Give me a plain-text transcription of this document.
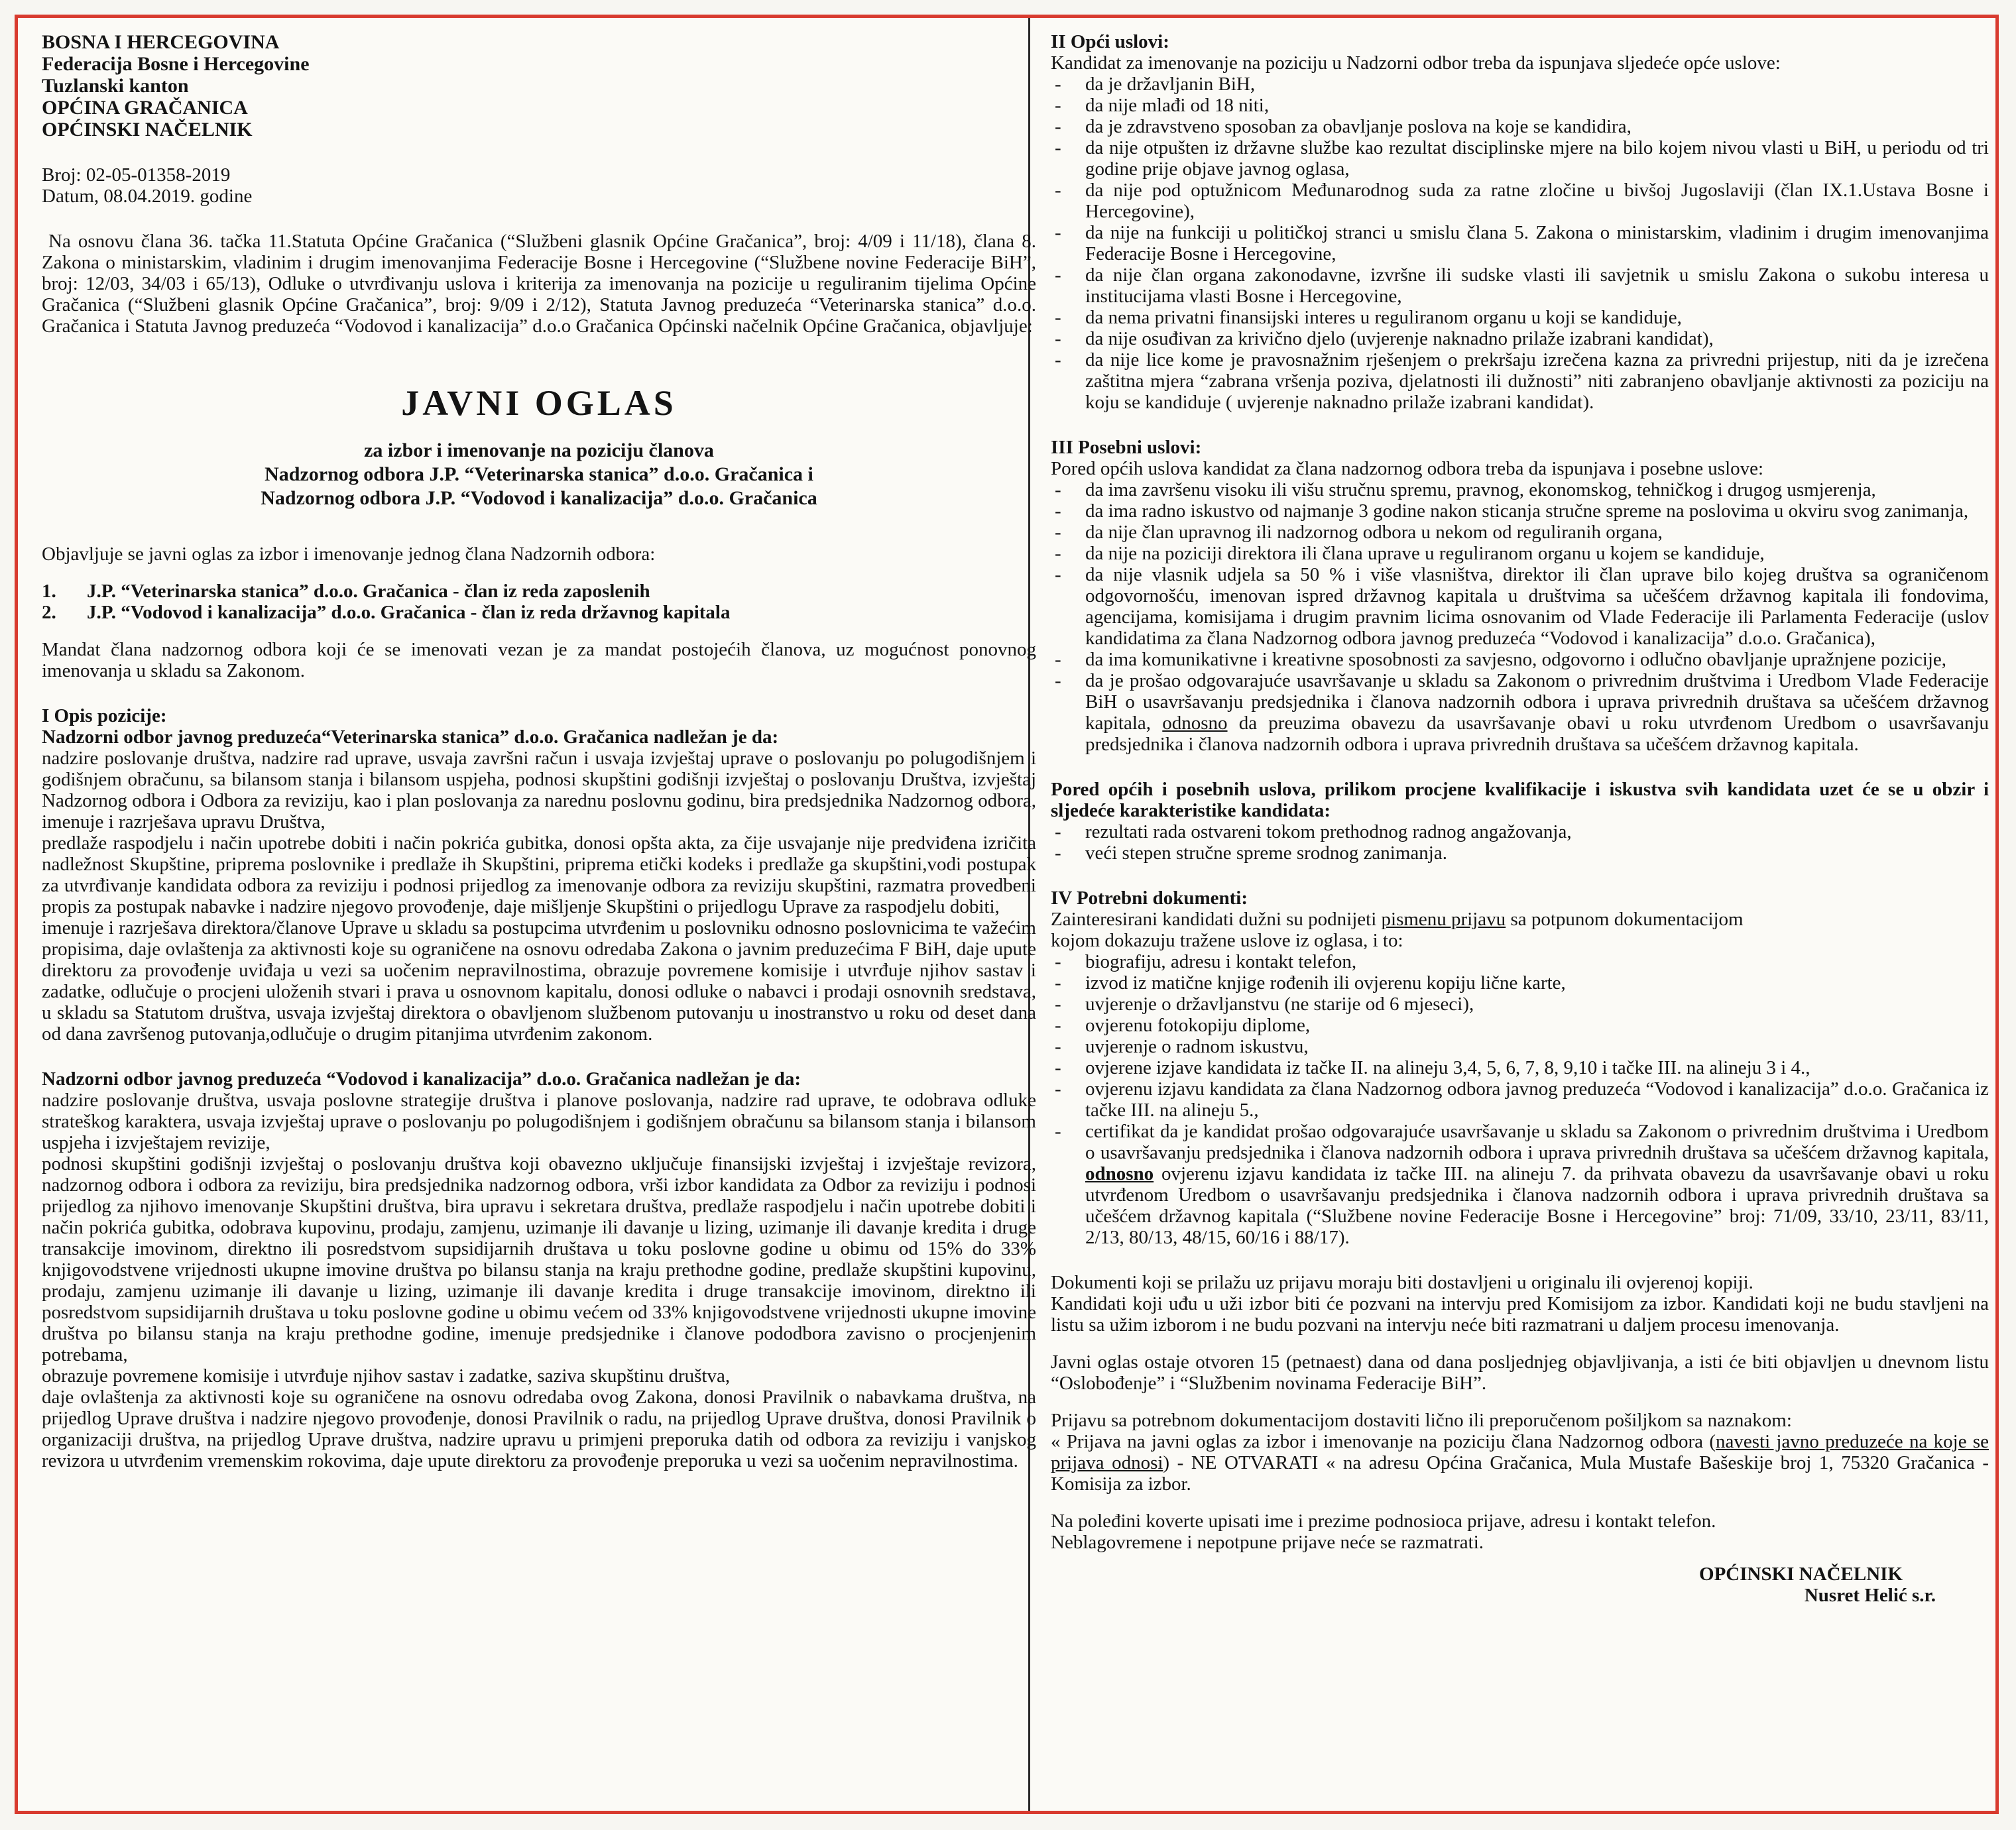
BOSNA I HERCEGOVINA
Federacija Bosne i Hercegovine
Tuzlanski kanton
OPĆINA GRAČANICA
OPĆINSKI NAČELNIK
Broj: 02-05-01358-2019
Datum, 08.04.2019. godine

Na osnovu člana 36. tačka 11.Statuta Općine Gračanica (“Službeni glasnik Općine Gračanica”, broj: 4/09 i 11/18), člana 8. Zakona o ministarskim, vladinim i drugim imenovanjima Federacije Bosne i Hercegovine (“Službene novine Federacije BiH”, broj: 12/03, 34/03 i 65/13), Odluke o utvrđivanju uslova i kriterija za imenovanja na pozicije u reguliranim tijelima Općine Gračanica (“Službeni glasnik Općine Gračanica”, broj: 9/09 i 2/12), Statuta Javnog preduzeća “Veterinarska stanica” d.o.o. Gračanica i Statuta Javnog preduzeća “Vodovod i kanalizacija” d.o.o Gračanica Općinski načelnik Općine Gračanica, objavljuje:

JAVNI OGLAS
za izbor i imenovanje na poziciju članova
Nadzornog odbora J.P. “Veterinarska stanica” d.o.o. Gračanica i
Nadzornog odbora J.P. “Vodovod i kanalizacija” d.o.o. Gračanica

Objavljuje se javni oglas za izbor i imenovanje jednog člana Nadzornih odbora:

1. J.P. “Veterinarska stanica” d.o.o. Gračanica - član iz reda zaposlenih
2. J.P. “Vodovod i kanalizacija” d.o.o. Gračanica - član iz reda državnog kapitala

Mandat člana nadzornog odbora koji će se imenovati vezan je za mandat postojećih članova, uz mogućnost ponovnog imenovanja u skladu sa Zakonom.

I Opis pozicije:
Nadzorni odbor javnog preduzeća“Veterinarska stanica” d.o.o. Gračanica nadležan je da:

nadzire poslovanje društva, nadzire rad uprave, usvaja završni račun i usvaja izvještaj uprave o poslovanju po polugodišnjem i godišnjem obračunu, sa bilansom stanja i bilansom uspjeha, podnosi skupštini godišnji izvještaj o poslovanju Društva, izvještaj Nadzornog odbora i Odbora za reviziju, kao i plan poslovanja za narednu poslovnu godinu, bira predsjednika Nadzornog odbora, imenuje i razrješava upravu Društva,

predlaže raspodjelu i način upotrebe dobiti i način pokrića gubitka, donosi opšta akta, za čije usvajanje nije predviđena izričita nadležnost Skupštine, priprema poslovnike i predlaže ih Skupštini, priprema etički kodeks i predlaže ga skupštini,vodi postupak za utvrđivanje kandidata odbora za reviziju i podnosi prijedlog za imenovanje odbora za reviziju skupštini, razmatra provedbeni propis za postupak nabavke i nadzire njegovo provođenje, daje mišljenje Skupštini o prijedlogu Uprave za raspodjelu dobiti,

imenuje i razrješava direktora/članove Uprave u skladu sa postupcima utvrđenim u poslovniku odnosno poslovnicima te važećim propisima, daje ovlaštenja za aktivnosti koje su ograničene na osnovu odredaba Zakona o javnim preduzećima F BiH, daje upute direktoru za provođenje uviđaja u vezi sa uočenim nepravilnostima, obrazuje povremene komisije i utvrđuje njihov sastav i zadatke, odlučuje o procjeni uloženih stvari i prava u osnovnom kapitalu, donosi odluke o nabavci i prodaji osnovnih sredstava, u skladu sa Statutom društva, usvaja izvještaj direktora o obavljenom službenom putovanju u inostranstvo u roku od deset dana od dana završenog putovanja,odlučuje o drugim pitanjima utvrđenim zakonom.

Nadzorni odbor javnog preduzeća “Vodovod i kanalizacija” d.o.o. Gračanica nadležan je da:

nadzire poslovanje društva, usvaja poslovne strategije društva i planove poslovanja, nadzire rad uprave, te odobrava odluke strateškog karaktera, usvaja izvještaj uprave o poslovanju po polugodišnjem i godišnjem obračunu sa bilansom stanja i bilansom uspjeha i izvještajem revizije,

podnosi skupštini godišnji izvještaj o poslovanju društva koji obavezno uključuje finansijski izvještaj i izvještaje revizora, nadzornog odbora i odbora za reviziju, bira predsjednika nadzornog odbora, vrši izbor kandidata za Odbor za reviziju i podnosi prijedlog za njihovo imenovanje Skupštini društva, bira upravu i sekretara društva, predlaže raspodjelu i način upotrebe dobiti i način pokrića gubitka, odobrava kupovinu, prodaju, zamjenu, uzimanje ili davanje u lizing, uzimanje ili davanje kredita i druge transakcije imovinom, direktno ili posredstvom supsidijarnih društava u toku poslovne godine u obimu od 15% do 33% knjigovodstvene vrijednosti ukupne imovine društva po bilansu stanja na kraju prethodne godine, predlaže skupštini kupovinu, prodaju, zamjenu uzimanje ili davanje u lizing, uzimanje ili davanje kredita i druge transakcije imovinom, direktno ili posredstvom supsidijarnih društava u toku poslovne godine u obimu većem od 33% knjigovodstvene vrijednosti ukupne imovine društva po bilansu stanja na kraju prethodne godine, imenuje predsjednike i članove pododbora zavisno o procjenjenim potrebama,

obrazuje povremene komisije i utvrđuje njihov sastav i zadatke, saziva skupštinu društva,

daje ovlaštenja za aktivnosti koje su ograničene na osnovu odredaba ovog Zakona, donosi Pravilnik o nabavkama društva, na prijedlog Uprave društva i nadzire njegovo provođenje, donosi Pravilnik o radu, na prijedlog Uprave društva, donosi Pravilnik o organizaciji društva, na prijedlog Uprave društva, nadzire upravu u primjeni preporuka datih od odbora za reviziju i vanjskog revizora u utvrđenim vremenskim rokovima, daje upute direktoru za provođenje preporuka u vezi sa uočenim nepravilnostima.

II Opći uslovi:
Kandidat za imenovanje na poziciju u Nadzorni odbor treba da ispunjava sljedeće opće uslove:
- da je državljanin BiH,
- da nije mlađi od 18 niti,
- da je zdravstveno sposoban za obavljanje poslova na koje se kandidira,
- da nije otpušten iz državne službe kao rezultat disciplinske mjere na bilo kojem nivou vlasti u BiH, u periodu od tri godine prije objave javnog oglasa,
- da nije pod optužnicom Međunarodnog suda za ratne zločine u bivšoj Jugoslaviji (član IX.1.Ustava Bosne i Hercegovine),
- da nije na funkciji u političkoj stranci u smislu člana 5. Zakona o ministarskim, vladinim i drugim imenovanjima Federacije Bosne i Hercegovine,
- da nije član organa zakonodavne, izvršne ili sudske vlasti ili savjetnik u smislu Zakona o sukobu interesa u institucijama vlasti Bosne i Hercegovine,
- da nema privatni finansijski interes u reguliranom organu u koji se kandiduje,
- da nije osuđivan za krivično djelo (uvjerenje naknadno prilaže izabrani kandidat),
- da nije lice kome je pravosnažnim rješenjem o prekršaju izrečena kazna za privredni prijestup, niti da je izrečena zaštitna mjera “zabrana vršenja poziva, djelatnosti ili dužnosti” niti zabranjeno obavljanje aktivnosti za poziciju na koju se kandiduje ( uvjerenje naknadno prilaže izabrani kandidat).
III Posebni uslovi:
Pored općih uslova kandidat za člana nadzornog odbora treba da ispunjava i posebne uslove:
- da ima završenu visoku ili višu stručnu spremu, pravnog, ekonomskog, tehničkog i drugog usmjerenja,
- da ima radno iskustvo od najmanje 3 godine nakon sticanja stručne spreme na poslovima u okviru svog zanimanja,
- da nije član upravnog ili nadzornog odbora u nekom od reguliranih organa,
- da nije na poziciji direktora ili člana uprave u reguliranom organu u kojem se kandiduje,
- da nije vlasnik udjela sa 50 % i više vlasništva, direktor ili član uprave bilo kojeg društva sa ograničenom odgovornošću, imenovan ispred državnog kapitala u društvima sa učešćem državnog kapitala ili fondovima, agencijama, komisijama i drugim pravnim licima osnovanim od Vlade Federacije ili Parlamenta Federacije (uslov kandidatima za člana Nadzornog odbora javnog preduzeća “Vodovod i kanalizacija” d.o.o. Gračanica),
- da ima komunikativne i kreativne sposobnosti za savjesno, odgovorno i odlučno obavljanje upražnjene pozicije,
- da je prošao odgovarajuće usavršavanje u skladu sa Zakonom o privrednim društvima i Uredbom Vlade Federacije BiH o usavršavanju predsjednika i članova nadzornih odbora i uprava privrednih društava sa učešćem državnog kapitala, odnosno da preuzima obavezu da usavršavanje obavi u roku utvrđenom Uredbom o usavršavanju predsjednika i članova nadzornih odbora i uprava privrednih društava sa učešćem državnog kapitala.
Pored općih i posebnih uslova, prilikom procjene kvalifikacije i iskustva svih kandidata uzet će se u obzir i sljedeće karakteristike kandidata:
- rezultati rada ostvareni tokom prethodnog radnog angažovanja,
- veći stepen stručne spreme srodnog zanimanja.
IV Potrebni dokumenti:
Zainteresirani kandidati dužni su podnijeti pismenu prijavu sa potpunom dokumentacijom
kojom dokazuju tražene uslove iz oglasa, i to:
- biografiju, adresu i kontakt telefon,
- izvod iz matične knjige rođenih ili ovjerenu kopiju lične karte,
- uvjerenje o državljanstvu (ne starije od 6 mjeseci),
- ovjerenu fotokopiju diplome,
- uvjerenje o radnom iskustvu,
- ovjerene izjave kandidata iz tačke II. na alineju 3,4, 5, 6, 7, 8, 9,10 i tačke III. na alineju 3 i 4.,
- ovjerenu izjavu kandidata za člana Nadzornog odbora javnog preduzeća “Vodovod i kanalizacija” d.o.o. Gračanica iz tačke III. na alineju 5.,
- certifikat da je kandidat prošao odgovarajuće usavršavanje u skladu sa Zakonom o privrednim društvima i Uredbom o usavršavanju predsjednika i članova nadzornih odbora i uprava privrednih društava sa učešćem državnog kapitala, odnosno ovjerenu izjavu kandidata iz tačke III. na alineju 7. da prihvata obavezu da usavršavanje obavi u roku utvrđenom Uredbom o usavršavanju predsjednika i članova nadzornih odbora i uprava privrednih društava sa učešćem državnog kapitala (“Službene novine Federacije Bosne i Hercegovine” broj: 71/09, 33/10, 23/11, 83/11, 2/13, 80/13, 48/15, 60/16 i 88/17).

Dokumenti koji se prilažu uz prijavu moraju biti dostavljeni u originalu ili ovjerenoj kopiji.

Kandidati koji uđu u uži izbor biti će pozvani na intervju pred Komisijom za izbor. Kandidati koji ne budu stavljeni na listu sa užim izborom i ne budu pozvani na intervju neće biti razmatrani u daljem procesu imenovanja.

Javni oglas ostaje otvoren 15 (petnaest) dana od dana posljednjeg objavljivanja, a isti će biti objavljen u dnevnom listu “Oslobođenje” i “Službenim novinama Federacije BiH”.

Prijavu sa potrebnom dokumentacijom dostaviti lično ili preporučenom pošiljkom sa naznakom:

« Prijava na javni oglas za izbor i imenovanje na poziciju člana Nadzornog odbora (navesti javno preduzeće na koje se prijava odnosi) - NE OTVARATI « na adresu Općina Gračanica, Mula Mustafe Bašeskije broj 1, 75320 Gračanica - Komisija za izbor.

Na poleđini koverte upisati ime i prezime podnosioca prijave, adresu i kontakt telefon.

Neblagovremene i nepotpune prijave neće se razmatrati.

OPĆINSKI NAČELNIK
Nusret Helić s.r.
